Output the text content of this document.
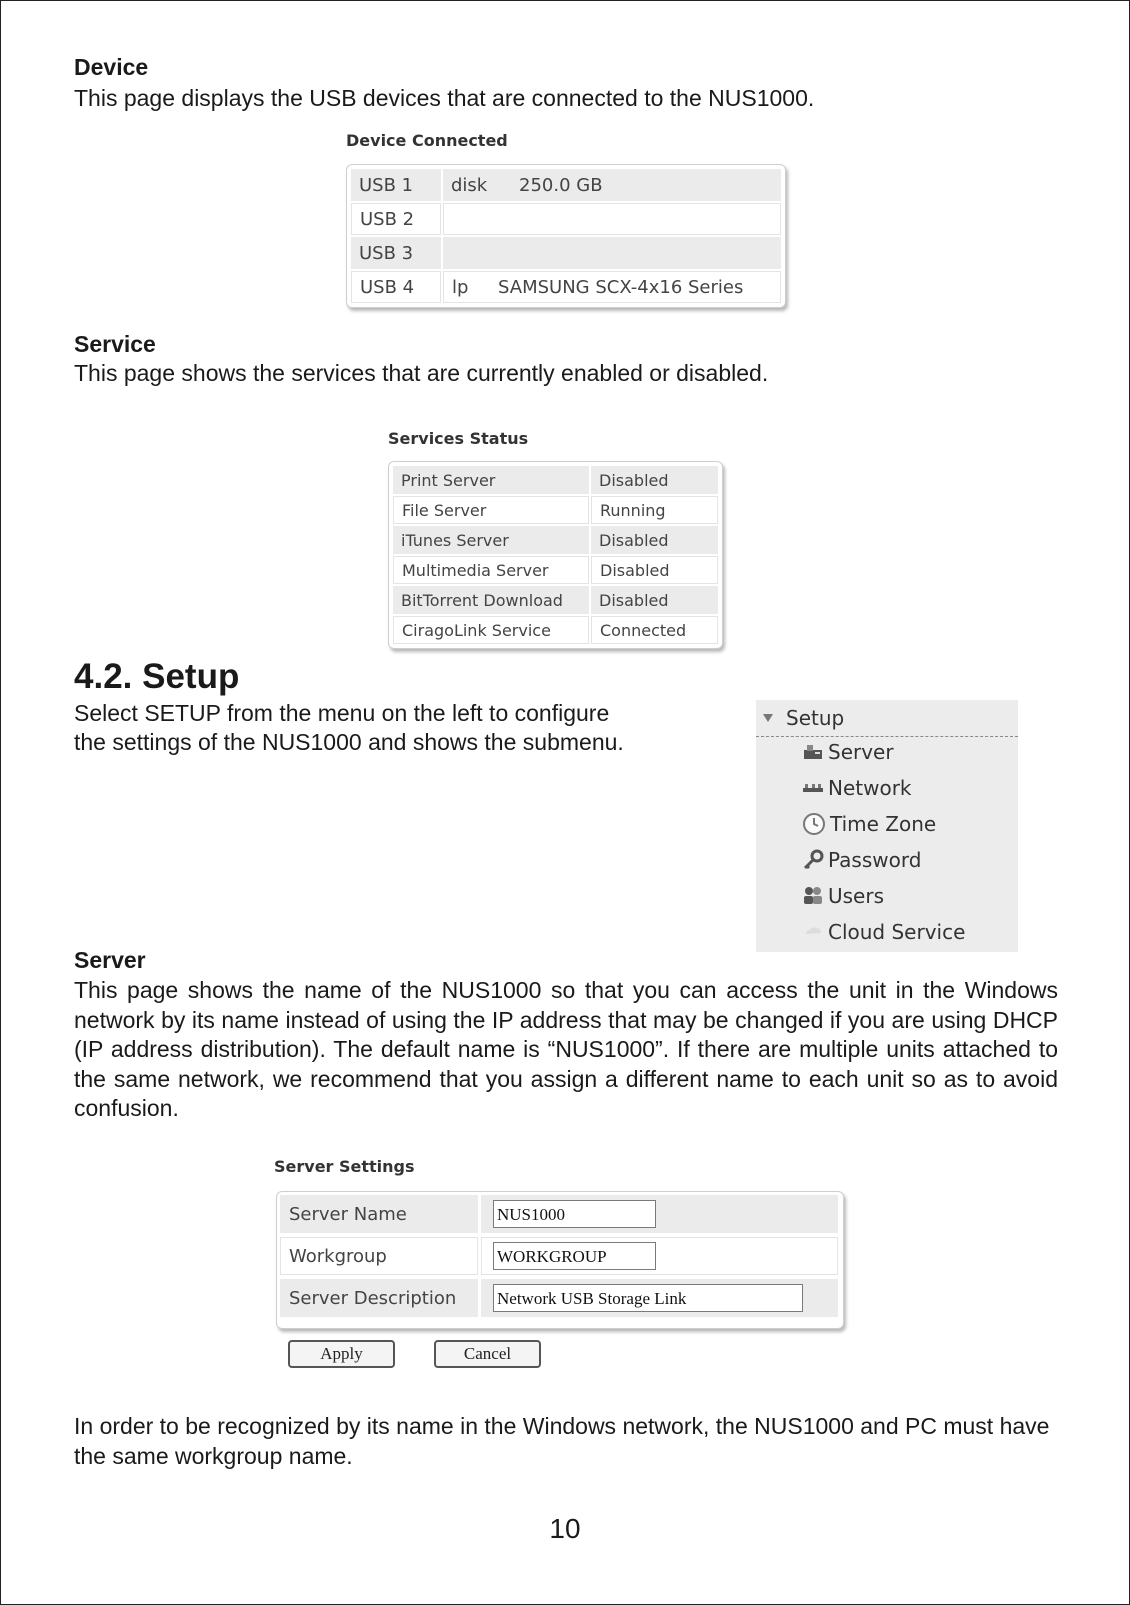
Device
This page displays the USB devices that are connected to the NUS1000.
Device Connected
USB 1	disk	250.0 GB
USB 2
USB 3
USB 4	lp	SAMSUNG SCX-4x16 Series
Service
This page shows the services that are currently enabled or disabled.
Services Status
Print Server	Disabled
File Server	Running
iTunes Server	Disabled
Multimedia Server	Disabled
BitTorrent Download	Disabled
CiragoLink Service	Connected
4.2. Setup
Select SETUP from the menu on the left to configure
the settings of the NUS1000 and shows the submenu.
Setup
Server
Network
Time Zone
Password
Users
Cloud Service
Server
This page shows the name of the NUS1000 so that you can access the unit in the Windows network by its name instead of using the IP address that may be changed if you are using DHCP (IP address distribution). The default name is “NUS1000”. If there are multiple units attached to the same network, we recommend that you assign a different name to each unit so as to avoid confusion.
Server Settings
Server Name	NUS1000
Workgroup	WORKGROUP
Server Description	Network USB Storage Link
Apply	Cancel
In order to be recognized by its name in the Windows network, the NUS1000 and PC must have the same workgroup name.
10
